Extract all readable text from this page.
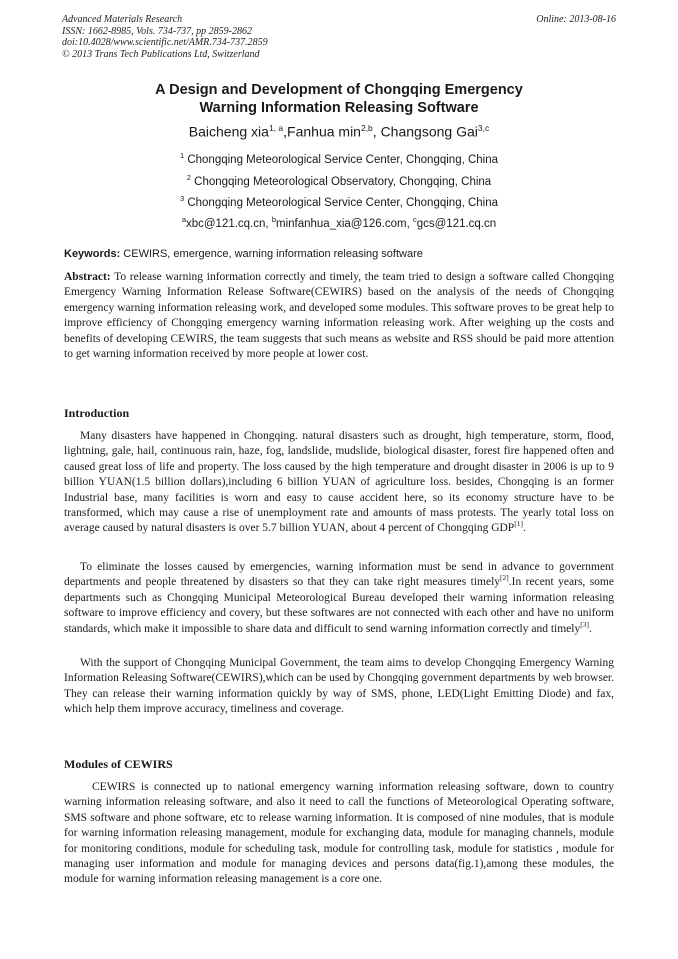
Advanced Materials Research
ISSN: 1662-8985, Vols. 734-737, pp 2859-2862
doi:10.4028/www.scientific.net/AMR.734-737.2859
© 2013 Trans Tech Publications Ltd, Switzerland
Online: 2013-08-16
A Design and Development of Chongqing Emergency
Warning Information Releasing Software
Baicheng xia$^{1, a}$,Fanhua $\min^{2,b}$, Changsong Gai$^{3,c}$
$^1$ Chongqing Meteorological Service Center, Chongqing, China
$^2$ Chongqing Meteorological Observatory, Chongqing, China
$^3$ Chongqing Meteorological Service Center, Chongqing, China
$^a$xbc@121.cq.cn, $^b$minfanhua_xia@126.com, $^c$gcs@121.cq.cn
Keywords: CEWIRS, emergence, warning information releasing software
Abstract: To release warning information correctly and timely, the team tried to design a software called Chongqing Emergency Warning Information Release Software(CEWIRS) based on the analysis of the needs of Chongqing emergency warning information releasing work, and developed some modules. This software proves to be great help to improve efficiency of Chongqing emergency warning information releasing work. After weighing up the costs and benefits of developing CEWIRS, the team suggests that such means as website and RSS should be paid more attention to get warning information received by more people at lower cost.
Introduction
Many disasters have happened in Chongqing. natural disasters such as drought, high temperature, storm, flood, lightning, gale, hail, continuous rain, haze, fog, landslide, mudslide, biological disaster, forest fire happened often and caused great loss of life and property. The loss caused by the high temperature and drought disaster in 2006 is up to 9 billion YUAN(1.5 billion dollars),including 6 billion YUAN of agriculture loss. besides, Chongqing is an former Industrial base, many facilities is worn and easy to cause accident here, so its economy structure have to be transformed, which may cause a rise of unemployment rate and amounts of mass protests. The yearly total loss on average caused by natural disasters is over 5.7 billion YUAN, about 4 percent of Chongqing GDP[1].
To eliminate the losses caused by emergencies, warning information must be send in advance to government departments and people threatened by disasters so that they can take right measures timely[2].In recent years, some departments such as Chongqing Municipal Meteorological Bureau developed their warning information releasing software to improve efficiency and covery, but these softwares are not connected with each other and have no uniform standards, which make it impossible to share data and difficult to send warning information correctly and timely[3].
With the support of Chongqing Municipal Government, the team aims to develop Chongqing Emergency Warning Information Releasing Software(CEWIRS),which can be used by Chongqing government departments by web browser. They can release their warning information quickly by way of SMS, phone, LED(Light Emitting Diode) and fax, which help them improve accuracy, timeliness and coverage.
Modules of CEWIRS
CEWIRS is connected up to national emergency warning information releasing software, down to country warning information releasing software, and also it need to call the functions of Meteorological Operating software, SMS software and phone software, etc to release warning information. It is composed of nine modules, that is module for warning information releasing management, module for exchanging data, module for managing channels, module for monitoring conditions, module for scheduling task, module for controlling task, module for statistics , module for managing user information and module for managing devices and persons data(fig.1),among these modules, the module for warning information releasing management is a core one.
